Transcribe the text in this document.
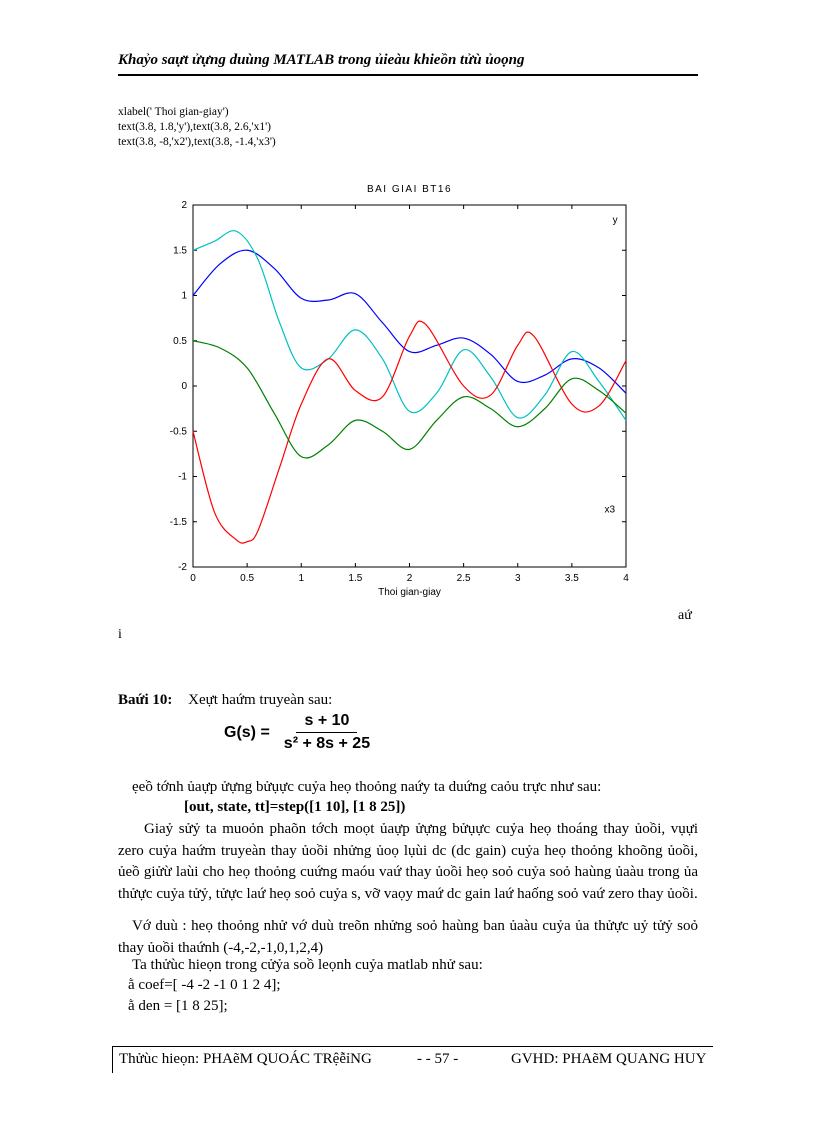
Khaỷo saựt ửựng duùng MATLAB trong ủieàu khieồn tửù ủoọng
xlabel(' Thoi gian-giay')
text(3.8, 1.8,'y'),text(3.8, 2.6,'x1')
text(3.8, -8,'x2'),text(3.8, -1.4,'x3')
0	0.5	1	1.5	2	2.5	3	3.5	4
2
1.5
1
0.5
0
-0.5
-1
-1.5
-2
BAI GIAI BT16
Thoi gian-giay
y
x3
aứ
i
Baứi 10: Xeựt haứm truyeàn sau:
$G(s) = \frac{s + 10}{\text{s² + 8s + 25}}$
ẹeồ tớnh ủaựp ửựng bửụực cuỷa heọ thoỏng naứy ta duứng caỏu trực như sau:
[out, state, tt]=step([1 10], [1 8 25])
Giaỷ sửỷ ta muoỏn phaõn tớch moọt ủaựp ửựng bửụực cuỷa heọ thoáng thay ủoồi, vụựi zero cuỷa haứm truyeàn thay ủoồi nhửng ủoọ lụùi dc (dc gain) cuỷa heọ thoỏng khoõng ủoồi, ủeồ giửừ laùi cho heọ thoỏng cuứng maóu vaứ thay ủoồi heọ soỏ cuỷa soỏ haùng ủaàu trong ủa thửực cuỷa tửỷ, tửực laứ heọ soỏ cuỷa s, vỡ vaọy maứ dc gain laứ haống soỏ vaứ zero thay ủoồi.
Vớ duù : heọ thoỏng nhử vớ duù treõn nhửng soỏ haùng ban ủaàu cuỷa ủa thửực uỷ tửỷ soỏ thay ủoồi thaứnh (-4,-2,-1,0,1,2,4)
Ta thửùc hieọn trong cửỷa soồ leọnh cuỷa matlab nhử sau:
ằ coef=[ -4 -2 -1 0 1 2 4];
ằ den = [1 8 25];
Thửùc hieọn: PHAẽM QUOÁC TRệễỉNG	- - 57 -	GVHD: PHAẽM QUANG HUY
